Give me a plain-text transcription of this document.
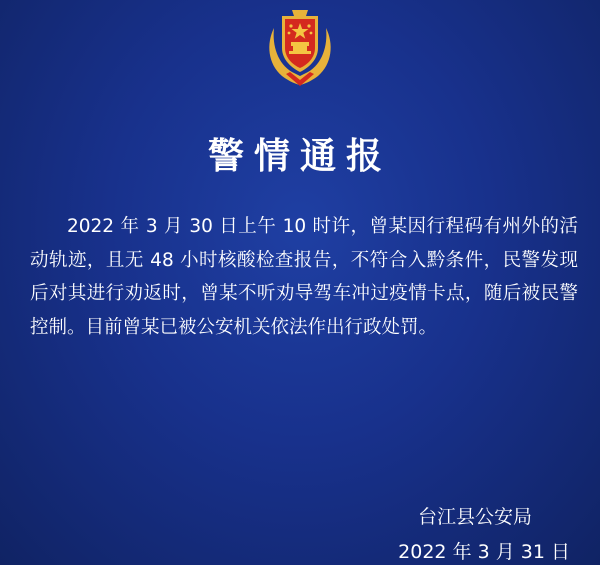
警情通报
2022 年 3 月 30 日上午 10 时许，曾某因行程码有州外的活动轨迹，且无 48 小时核酸检查报告，不符合入黔条件，民警发现后对其进行劝返时，曾某不听劝导驾车冲过疫情卡点，随后被民警控制。目前曾某已被公安机关依法作出行政处罚。
台江县公安局
2022 年 3 月 31 日
